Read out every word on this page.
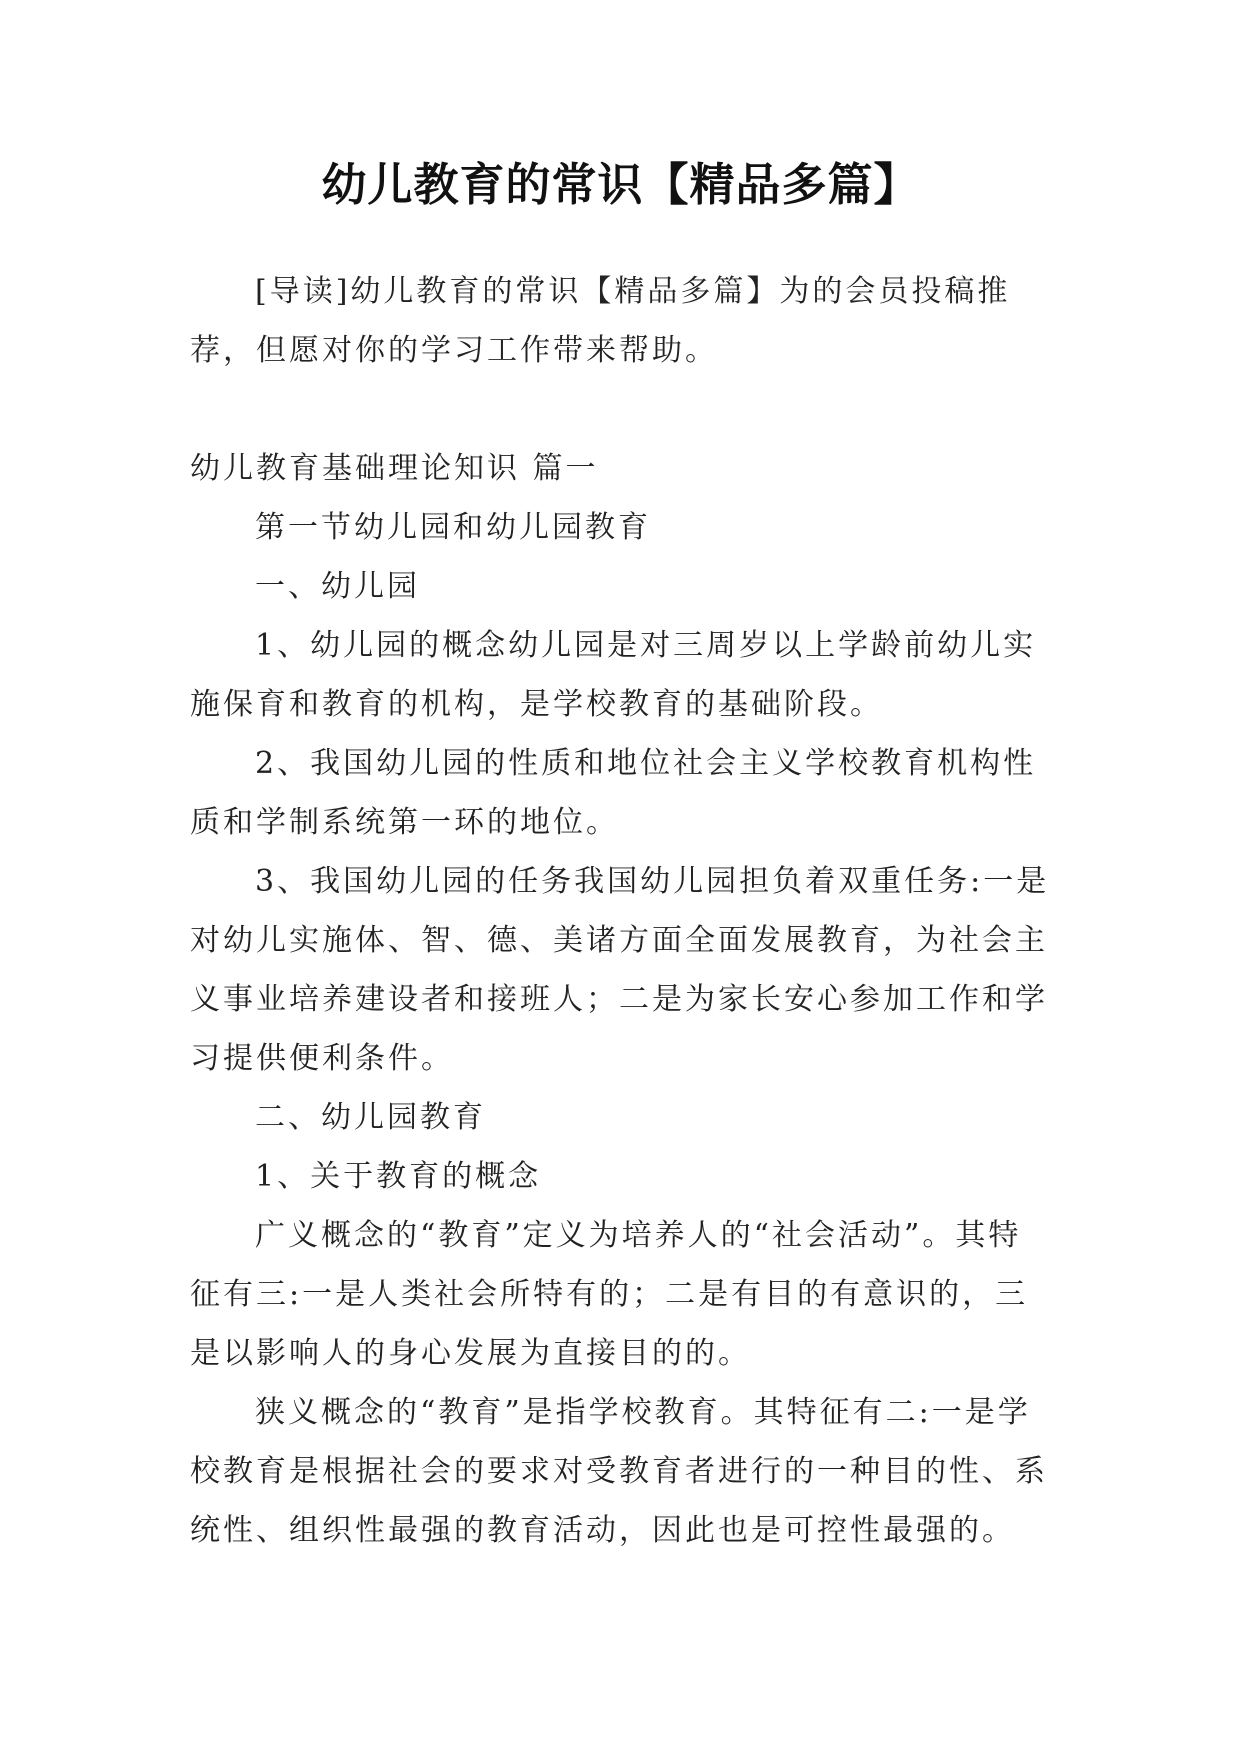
幼儿教育的常识【精品多篇】

[导读]幼儿教育的常识【精品多篇】为的会员投稿推荐，但愿对你的学习工作带来帮助。

幼儿教育基础理论知识 篇一

第一节幼儿园和幼儿园教育

一、幼儿园

1、幼儿园的概念幼儿园是对三周岁以上学龄前幼儿实施保育和教育的机构，是学校教育的基础阶段。

2、我国幼儿园的性质和地位社会主义学校教育机构性质和学制系统第一环的地位。

3、我国幼儿园的任务我国幼儿园担负着双重任务:一是对幼儿实施体、智、德、美诸方面全面发展教育，为社会主义事业培养建设者和接班人；二是为家长安心参加工作和学习提供便利条件。

二、幼儿园教育

1、关于教育的概念

广义概念的“教育”定义为培养人的“社会活动”。其特征有三:一是人类社会所特有的；二是有目的有意识的，三是以影响人的身心发展为直接目的的。

狭义概念的“教育”是指学校教育。其特征有二:一是学校教育是根据社会的要求对受教育者进行的一种目的性、系统性、组织性最强的教育活动，因此也是可控性最强的。
